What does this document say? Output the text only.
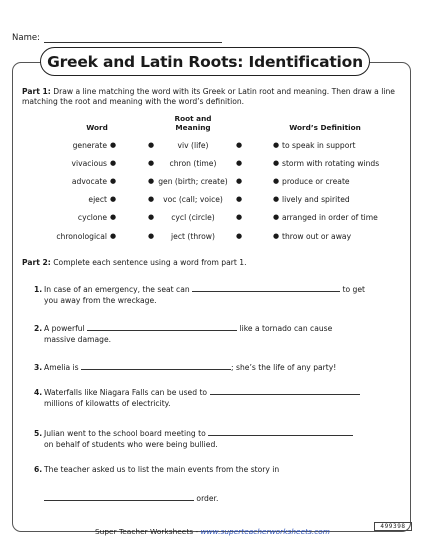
Name:
Greek and Latin Roots: Identification
Part 1: Draw a line matching the word with its Greek or Latin root and meaning. Then draw a line matching the root and meaning with the word’s definition.
Word
Root and
Meaning	Word’s Definition
generate ●	●	viv (life)	●	● to speak in support
vivacious ●	●	chron (time)	●	● storm with rotating winds
advocate ●	● gen (birth; create)	●	● produce or create
eject ●	●	voc (call; voice)	●	● lively and spirited
cyclone ●	●	cycl (circle)	●	● arranged in order of time
chronological ●	●	ject (throw)	●	● throw out or away
Part 2: Complete each sentence using a word from part 1.
1. In case of an emergency, the seat can	to get
you away from the wreckage.
2. A powerful	like a tornado can cause
massive damage.
3. Amelia is	; she’s the life of any party!
4. Waterfalls like Niagara Falls can be used to
millions of kilowatts of electricity.
5. Julian went to the school board meeting to
on behalf of students who were being bullied.
6. The teacher asked us to list the main events from the story in
order.
Super Teacher Worksheets - www.superteacherworksheets.com
499398
